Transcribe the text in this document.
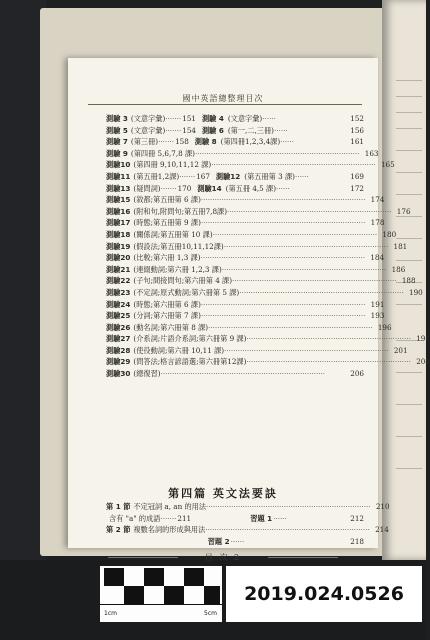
國中英語總整理目次
測驗 3 (文意字彙) ······· 151 測驗 4 (文意字彙) ······	152
測驗 5 (文意字彙) ······· 154 測驗 6 (第一,二,三冊) ······	156
測驗 7 (第三冊) ······· 158 測驗 8 (第四冊1,2,3,4課) ······	161
測驗 9 (第四冊 5,6,7,8 課) ········································································ 163
測驗10 (第四冊 9,10,11,12 課) ········································································ 165
測驗11 (第五冊1,2課) ······· 167 測驗12 (第五冊第 3 課) ······	169
測驗13 (疑問詞) ······· 170 測驗14 (第五冊 4,5 課) ······	172
測驗15 (敘都;第五冊第 6 課) ········································································ 174
測驗16 (附和句,附問句;第五冊7,8課) ········································································ 176
測驗17 (時態;第五冊第 9 課) ········································································ 178
測驗18 (關係詞;第五冊第 10 課) ········································································ 180
測驗19 (假設法;第五冊10,11,12課) ········································································ 181
測驗20 (比較;第六冊 1,3 課) ········································································ 184
測驗21 (連綴動詞;第六冊 1,2,3 課) ········································································ 186
測驗22 (子句;間接問句;第六冊第 4 課) ········································································ 188
測驗23 (不定詞;原式動詞;第六冊第 5 課) ········································································ 190
測驗24 (時態;第六冊第 6 課) ········································································ 191
測驗25 (分詞;第六冊第 7 課) ········································································ 193
測驗26 (動名詞;第六冊第 8 課) ········································································ 196
測驗27 (介系詞;片語介系詞;第六冊第 9 課) ········································································ 198
測驗28 (使役動詞;第六冊 10,11 課) ········································································ 201
測驗29 (問答法;格言諺語選;第六冊第12課) ········································································ 204
測驗30 (總復習) ········································································	206
第四篇 英文法要訣
第 1 節 不定冠詞 a, an 的用法 ········································································ 210
含有 "a" 的成語 ······· 211	習題 1 ······	212
第 2 節 複數名詞的形成與用法 ········································································ 214
習題 2 ······	218
目 次 2
1cm	5cm
2019.024.0526
